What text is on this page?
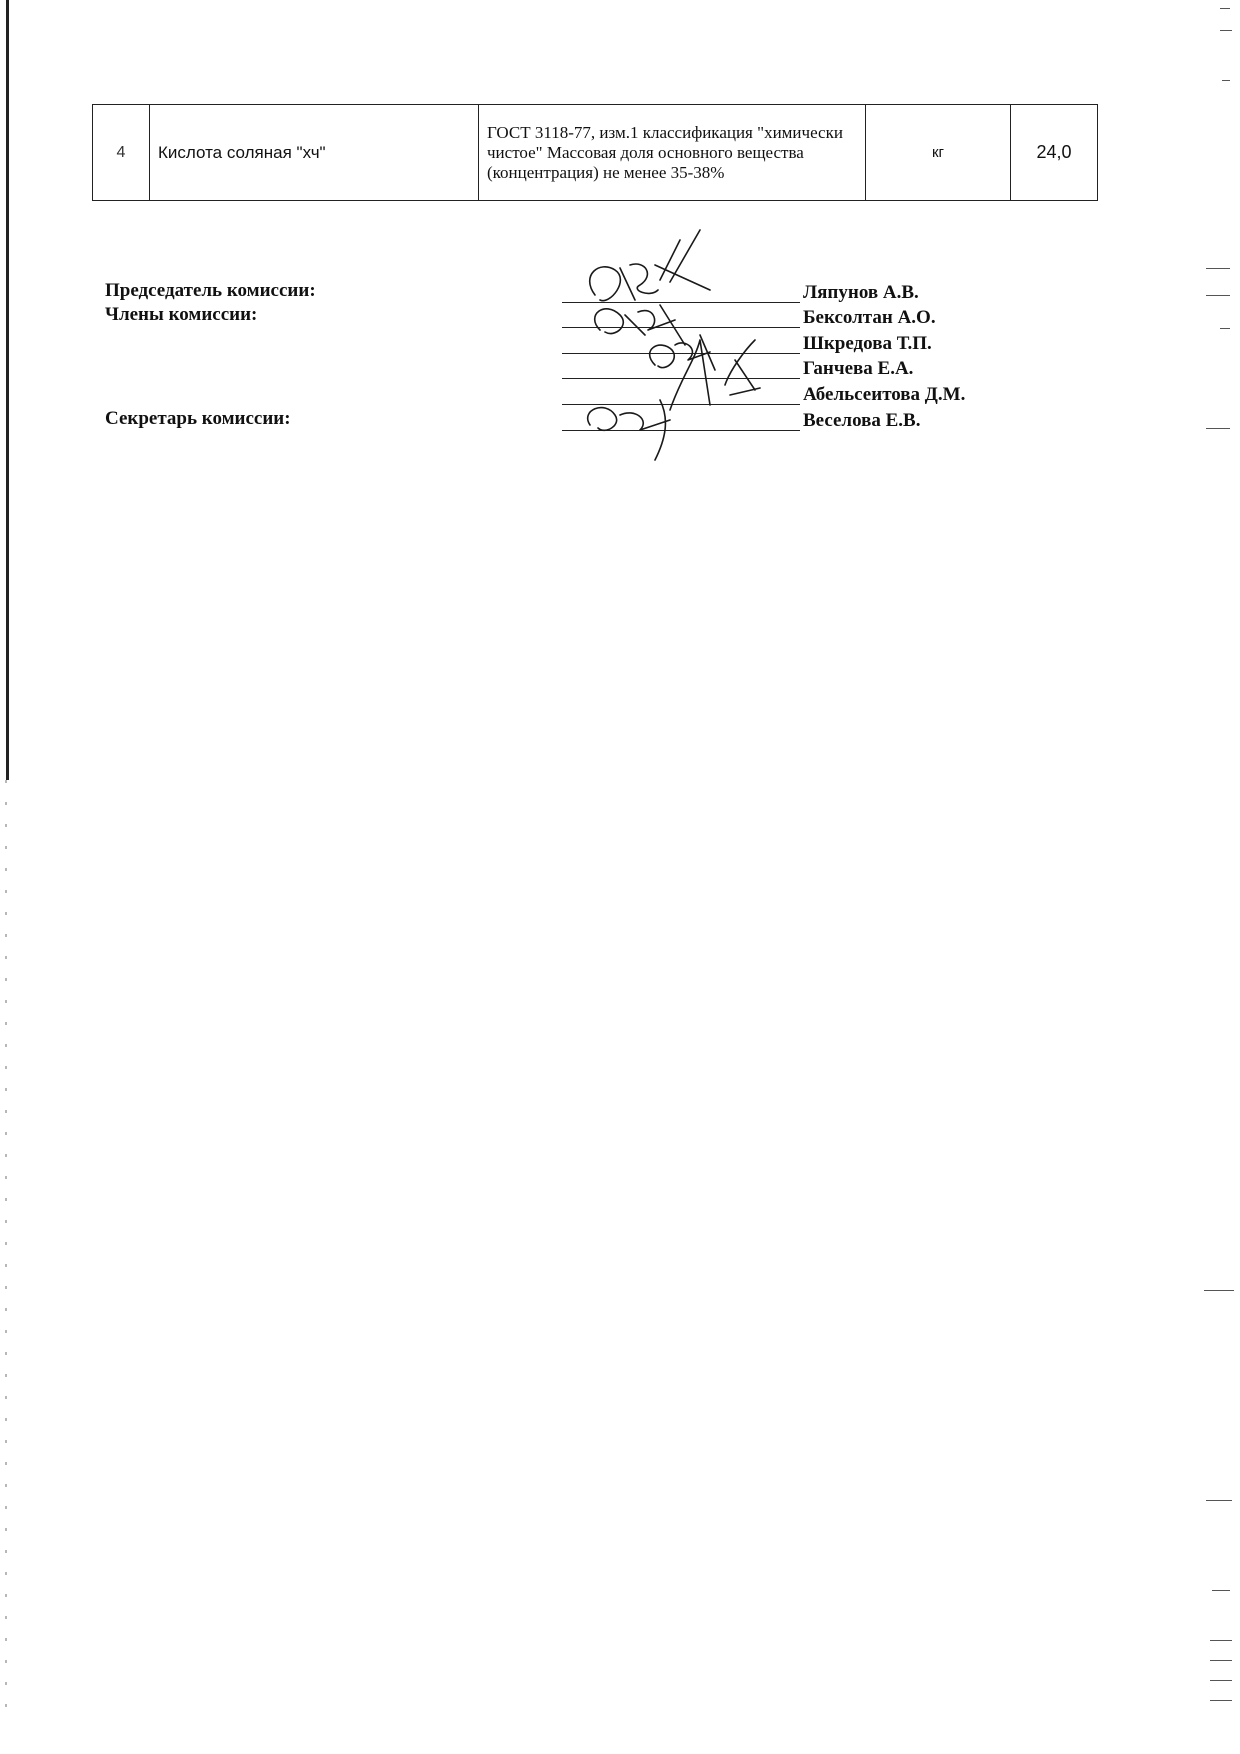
4	Кислота соляная "хч"	ГОСТ 3118-77, изм.1 классификация "химически чистое" Массовая доля основного вещества (концентрация) не менее 35-38%	кг	24,0
Председатель комиссии:
Члены комиссии:
Секретарь комиссии:
Ляпунов А.В.
Бексолтан А.О.
Шкредова Т.П.
Ганчева Е.А.
Абельсеитова Д.М.
Веселова Е.В.
